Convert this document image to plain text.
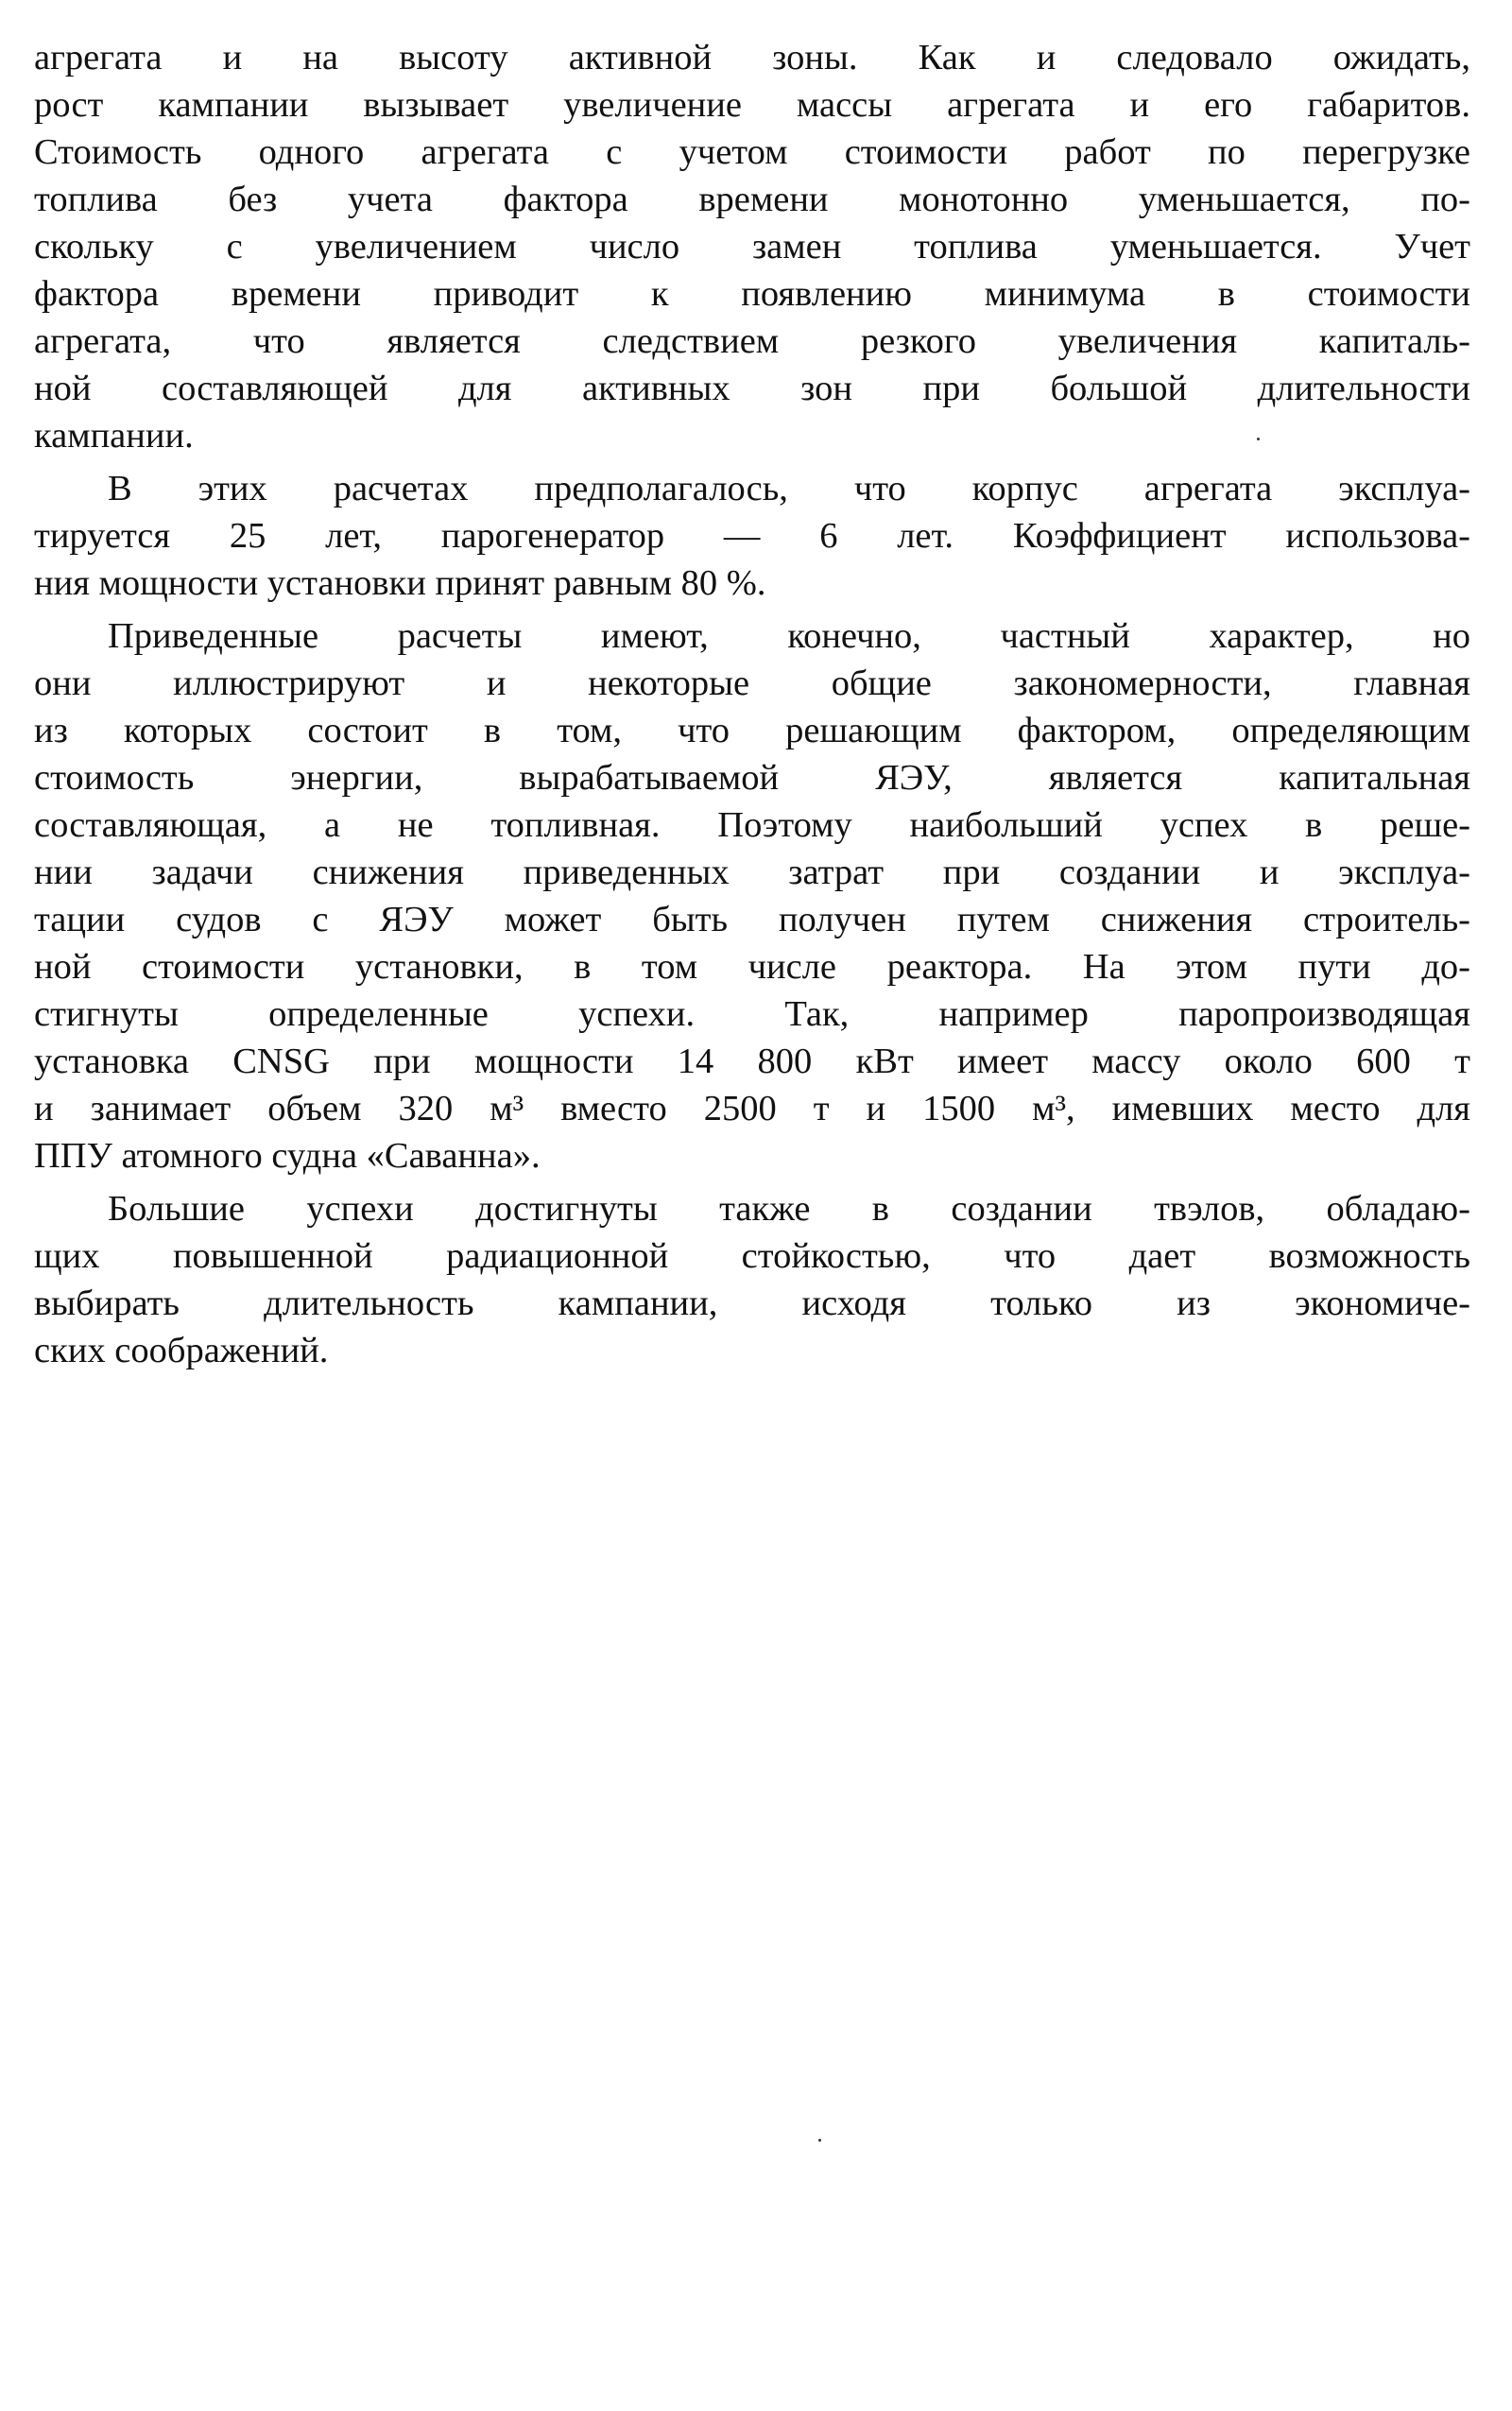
агрегата и на высоту активной зоны. Как и следовало ожидать,
рост кампании вызывает увеличение массы агрегата и его габаритов.
Стоимость одного агрегата с учетом стоимости работ по перегрузке
топлива без учета фактора времени монотонно уменьшается, по-
скольку с увеличением число замен топлива уменьшается. Учет
фактора времени приводит к появлению минимума в стоимости
агрегата, что является следствием резкого увеличения капиталь-
ной составляющей для активных зон при большой длительности
кампании.
В этих расчетах предполагалось, что корпус агрегата эксплуа-
тируется 25 лет, парогенератор — 6 лет. Коэффициент использова-
ния мощности установки принят равным 80 %.
Приведенные расчеты имеют, конечно, частный характер, но
они иллюстрируют и некоторые общие закономерности, главная
из которых состоит в том, что решающим фактором, определяющим
стоимость энергии, вырабатываемой ЯЭУ, является капитальная
составляющая, а не топливная. Поэтому наибольший успех в реше-
нии задачи снижения приведенных затрат при создании и эксплуа-
тации судов с ЯЭУ может быть получен путем снижения строитель-
ной стоимости установки, в том числе реактора. На этом пути до-
стигнуты определенные успехи. Так, например паропроизводящая
установка CNSG при мощности 14 800 кВт имеет массу около 600 т
и занимает объем 320 м³ вместо 2500 т и 1500 м³, имевших место для
ППУ атомного судна «Саванна».
Большие успехи достигнуты также в создании твэлов, обладаю-
щих повышенной радиационной стойкостью, что дает возможность
выбирать длительность кампании, исходя только из экономиче-
ских соображений.
